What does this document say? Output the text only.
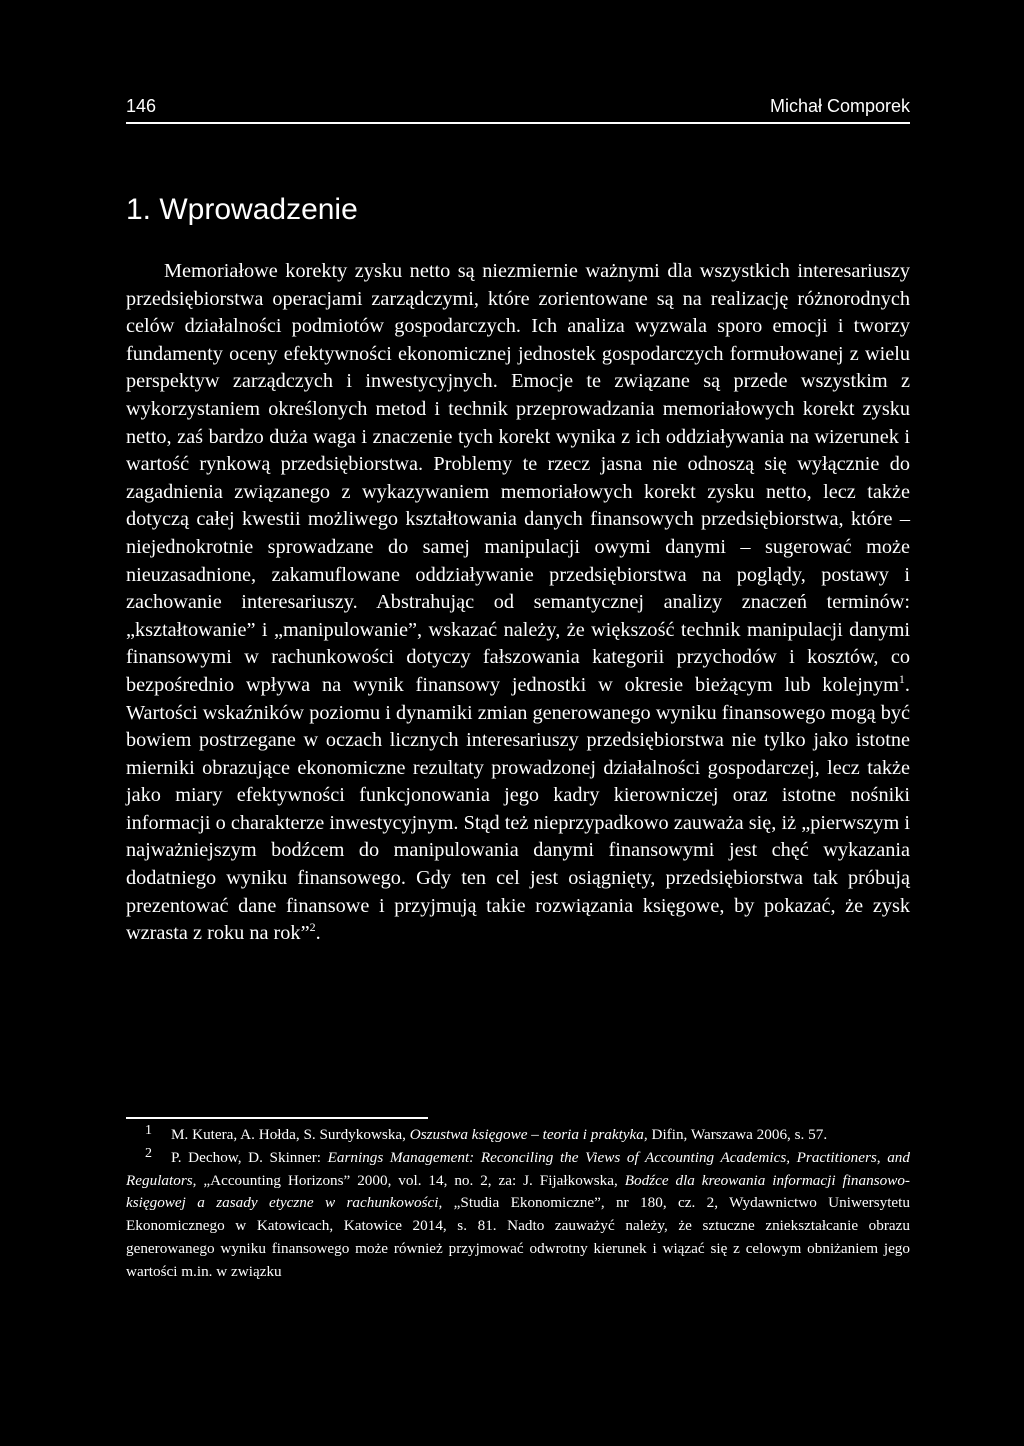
146	Michał Comporek
1. Wprowadzenie

Memoriałowe korekty zysku netto są niezmiernie ważnymi dla wszystkich interesariuszy przedsiębiorstwa operacjami zarządczymi, które zorientowane są na realizację różnorodnych celów działalności podmiotów gospodarczych. Ich analiza wyzwala sporo emocji i tworzy fundamenty oceny efektywności ekonomicznej jednostek gospodarczych formułowanej z wielu perspektyw zarządczych i inwestycyjnych. Emocje te związane są przede wszystkim z wykorzystaniem określonych metod i technik przeprowadzania memoriałowych korekt zysku netto, zaś bardzo duża waga i znaczenie tych korekt wynika z ich oddziaływania na wizerunek i wartość rynkową przedsiębiorstwa. Problemy te rzecz jasna nie odnoszą się wyłącznie do zagadnienia związanego z wykazywaniem memoriałowych korekt zysku netto, lecz także dotyczą całej kwestii możliwego kształtowania danych finansowych przedsiębiorstwa, które – niejednokrotnie sprowadzane do samej manipulacji owymi danymi – sugerować może nieuzasadnione, zakamuflowane oddziaływanie przedsiębiorstwa na poglądy, postawy i zachowanie interesariuszy. Abstrahując od semantycznej analizy znaczeń terminów: „kształtowanie” i „manipulowanie”, wskazać należy, że większość technik manipulacji danymi finansowymi w rachunkowości dotyczy fałszowania kategorii przychodów i kosztów, co bezpośrednio wpływa na wynik finansowy jednostki w okresie bieżącym lub kolejnym$^1$. Wartości wskaźników poziomu i dynamiki zmian generowanego wyniku finansowego mogą być bowiem postrzegane w oczach licznych interesariuszy przedsiębiorstwa nie tylko jako istotne mierniki obrazujące ekonomiczne rezultaty prowadzonej działalności gospodarczej, lecz także jako miary efektywności funkcjonowania jego kadry kierowniczej oraz istotne nośniki informacji o charakterze inwestycyjnym. Stąd też nieprzypadkowo zauważa się, iż „pierwszym i najważniejszym bodźcem do manipulowania danymi finansowymi jest chęć wykazania dodatniego wyniku finansowego. Gdy ten cel jest osiągnięty, przedsiębiorstwa tak próbują prezentować dane finansowe i przyjmują takie rozwiązania księgowe, by pokazać, że zysk wzrasta z roku na rok”$^2$.

1 M. Kutera, A. Hołda, S. Surdykowska, Oszustwa księgowe – teoria i praktyka, Difin, Warszawa 2006, s. 57.

2 P. Dechow, D. Skinner: Earnings Management: Reconciling the Views of Accounting Academics, Practitioners, and Regulators, „Accounting Horizons” 2000, vol. 14, no. 2, za: J. Fijałkowska, Bodźce dla kreowania informacji finansowo-księgowej a zasady etyczne w rachunkowości, „Studia Ekonomiczne”, nr 180, cz. 2, Wydawnictwo Uniwersytetu Ekonomicznego w Katowicach, Katowice 2014, s. 81. Nadto zauważyć należy, że sztuczne zniekształcanie obrazu generowanego wyniku finansowego może również przyjmować odwrotny kierunek i wiązać się z celowym obniżaniem jego wartości m.in. w związku
